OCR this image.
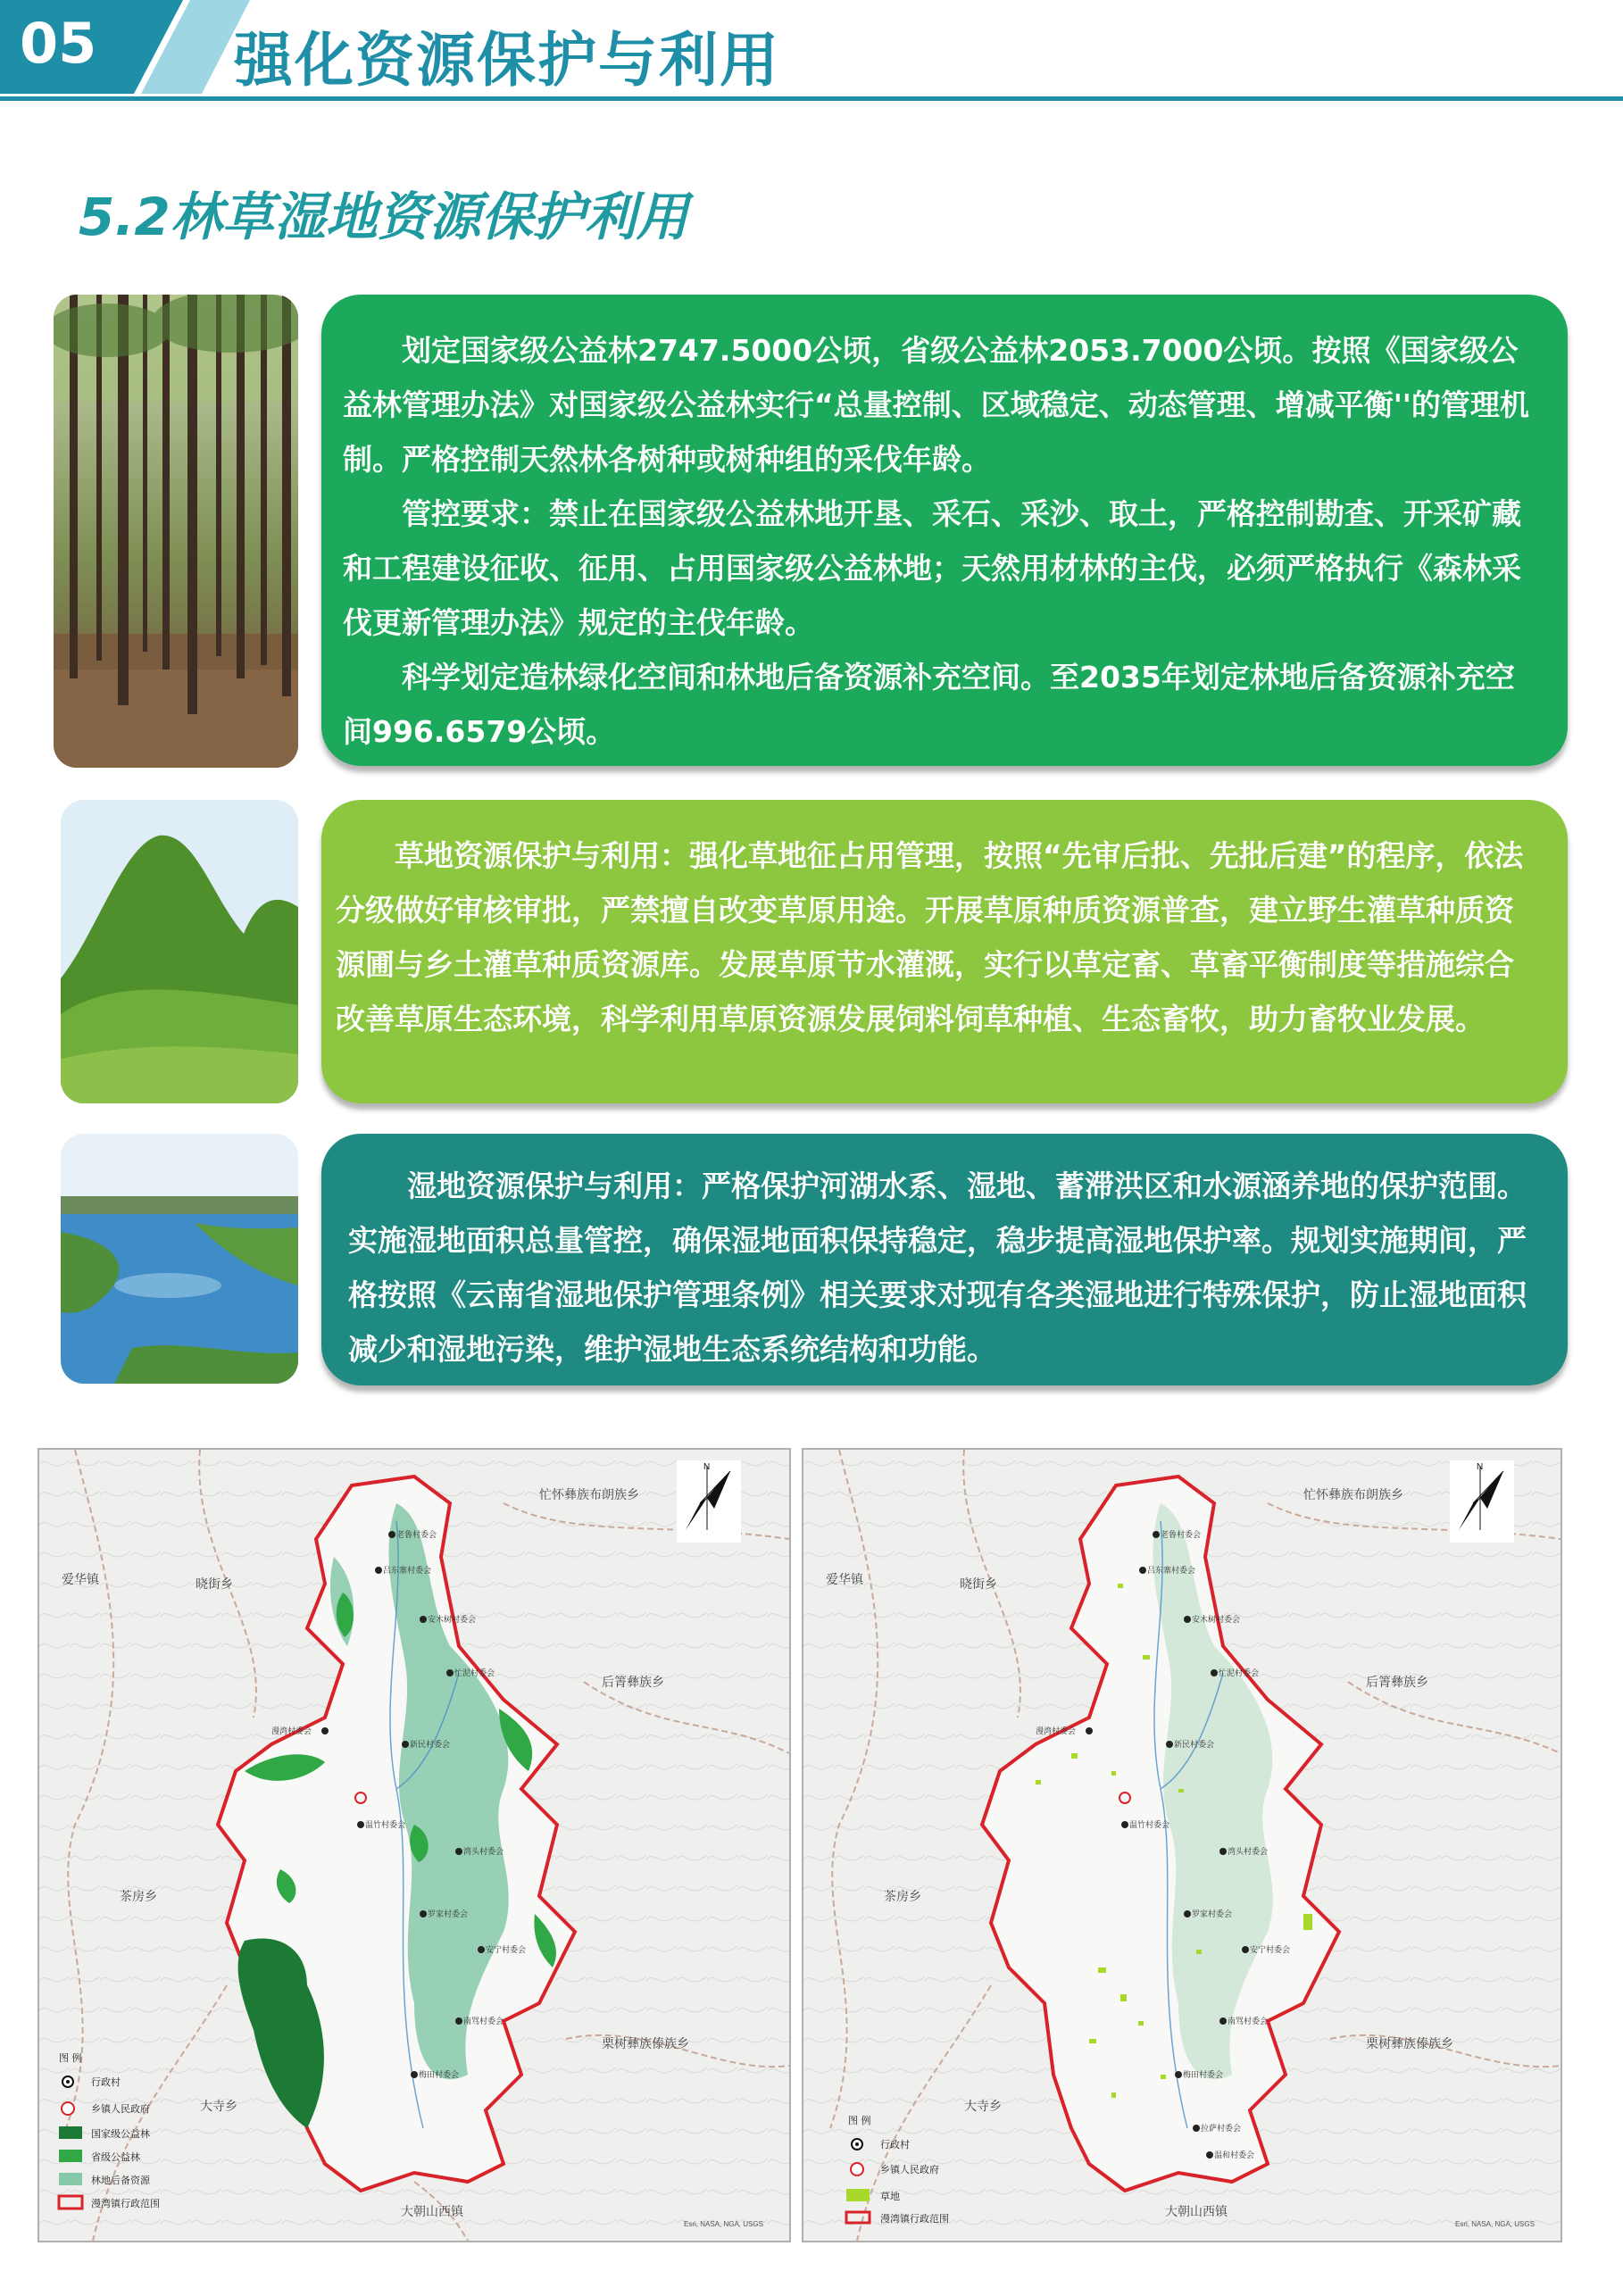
05 强化资源保护与利用
5.2林草湿地资源保护利用

划定国家级公益林2747.5000公顷，省级公益林2053.7000公顷。按照《国家级公益林管理办法》对国家级公益林实行“总量控制、区域稳定、动态管理、增减平衡''的管理机制。严格控制天然林各树种或树种组的采伐年龄。

管控要求：禁止在国家级公益林地开垦、采石、采沙、取土，严格控制勘查、开采矿藏和工程建设征收、征用、占用国家级公益林地；天然用材林的主伐，必须严格执行《森林采伐更新管理办法》规定的主伐年龄。

科学划定造林绿化空间和林地后备资源补充空间。至2035年划定林地后备资源补充空间996.6579公顷。

草地资源保护与利用：强化草地征占用管理，按照“先审后批、先批后建”的程序，依法分级做好审核审批，严禁擅自改变草原用途。开展草原种质资源普查，建立野生灌草种质资源圃与乡土灌草种质资源库。发展草原节水灌溉，实行以草定畜、草畜平衡制度等措施综合改善草原生态环境，科学利用草原资源发展饲料饲草种植、生态畜牧，助力畜牧业发展。

湿地资源保护与利用：严格保护河湖水系、湿地、蓄滞洪区和水源涵养地的保护范围。实施湿地面积总量管控，确保湿地面积保持稳定，稳步提高湿地保护率。规划实施期间，严格按照《云南省湿地保护管理条例》相关要求对现有各类湿地进行特殊保护，防止湿地面积减少和湿地污染，维护湿地生态系统结构和功能。

老鲁村委会
吕东寨村委会
安木树村委会
忙泥村委会
漫湾村委会
新民村委会
温竹村委会
湾头村委会
罗家村委会
安宁村委会
南骂村委会
梅田村委会
忙怀彝族布朗族乡
爱华镇	晓街乡
后箐彝族乡
茶房乡
栗树彝族傣族乡
大寺乡
大朝山西镇
N
图 例
行政村
乡镇人民政府
国家级公益林
省级公益林
林地后备资源
漫湾镇行政范围
Esri, NASA, NGA, USGS
老鲁村委会
吕东寨村委会
安木树村委会
忙泥村委会
漫湾村委会
新民村委会
温竹村委会
湾头村委会
罗家村委会
安宁村委会
南骂村委会
梅田村委会
拉萨村委会
温和村委会
忙怀彝族布朗族乡
爱华镇	晓街乡
后箐彝族乡
茶房乡
栗树彝族傣族乡
大寺乡
大朝山西镇
N
图 例
行政村
乡镇人民政府
草地
漫湾镇行政范围	Esri, NASA, NGA, USGS
